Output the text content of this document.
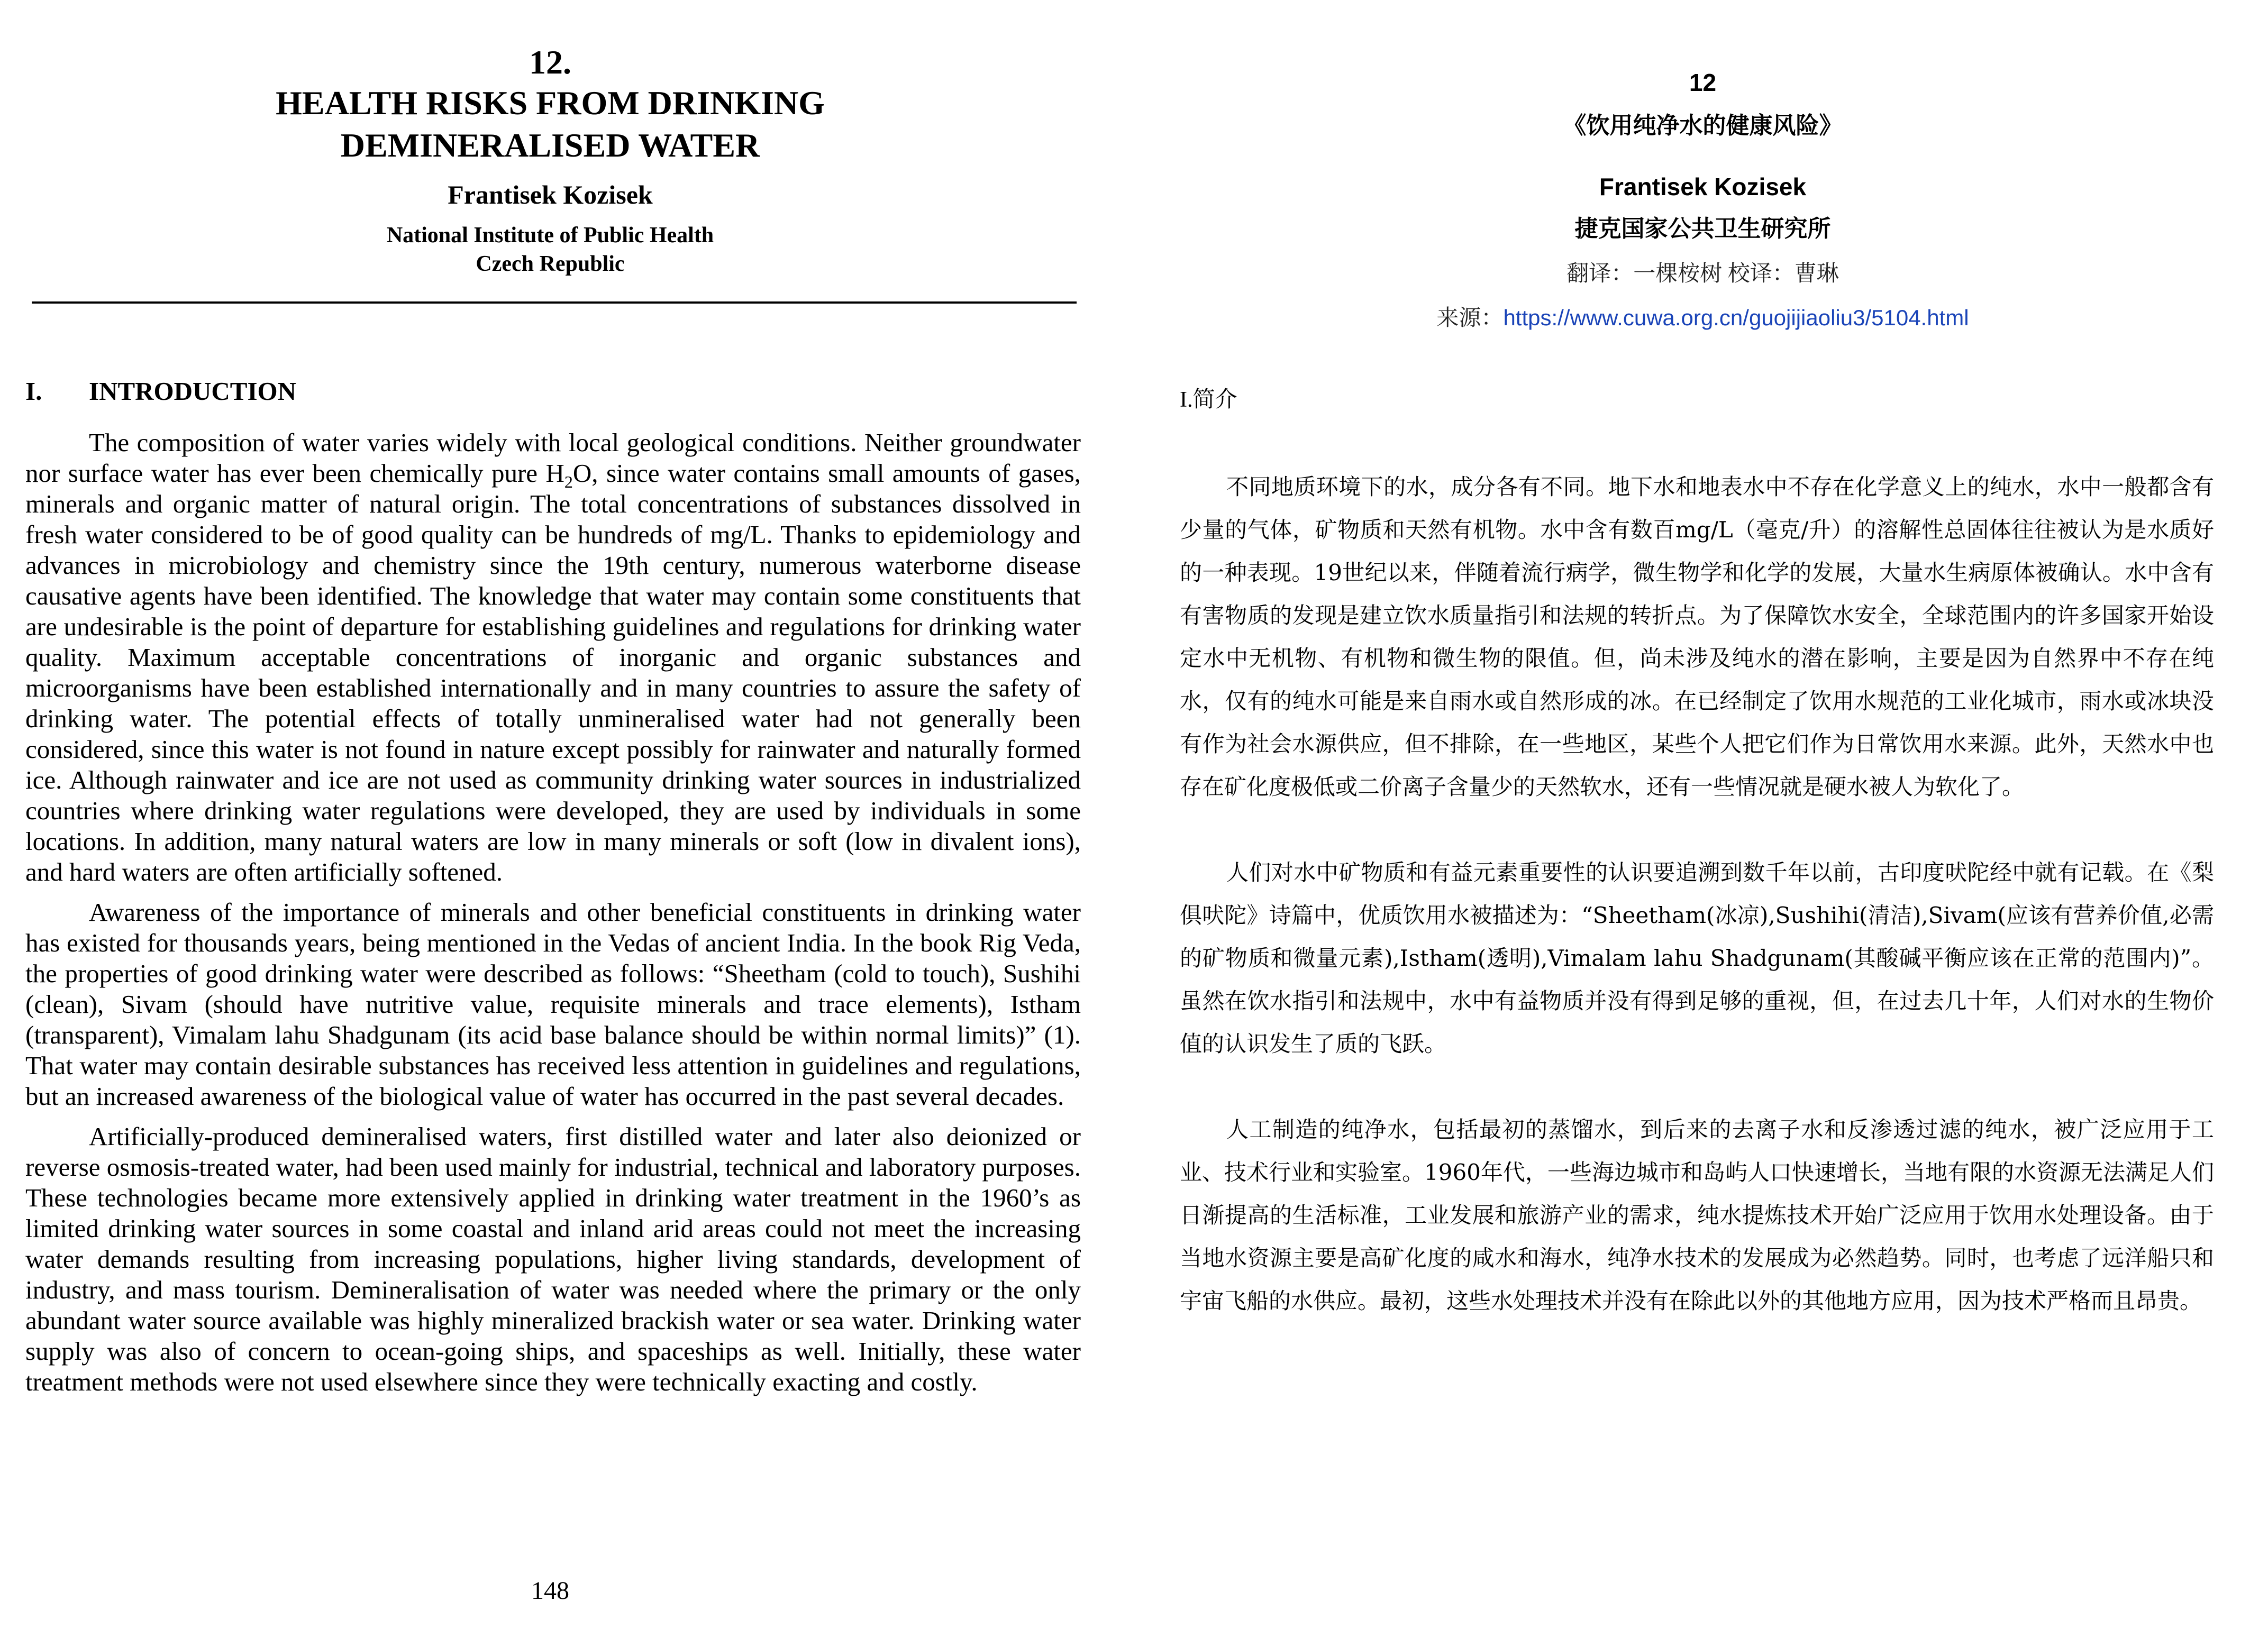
12.
HEALTH RISKS FROM DRINKING
DEMINERALISED WATER
Frantisek Kozisek
National Institute of Public Health
Czech Republic
I. INTRODUCTION

The composition of water varies widely with local geological conditions. Neither groundwater nor surface water has ever been chemically pure $H_2O$, since water contains small amounts of gases, minerals and organic matter of natural origin. The total concentrations of substances dissolved in fresh water considered to be of good quality can be hundreds of mg/L. Thanks to epidemiology and advances in microbiology and chemistry since the 19th century, numerous waterborne disease causative agents have been identified. The knowledge that water may contain some constituents that are undesirable is the point of departure for establishing guidelines and regulations for drinking water quality. Maximum acceptable concentrations of inorganic and organic substances and microorganisms have been established internationally and in many countries to assure the safety of drinking water. The potential effects of totally unmineralised water had not generally been considered, since this water is not found in nature except possibly for rainwater and naturally formed ice. Although rainwater and ice are not used as community drinking water sources in industrialized countries where drinking water regulations were developed, they are used by individuals in some locations. In addition, many natural waters are low in many minerals or soft (low in divalent ions), and hard waters are often artificially softened.

Awareness of the importance of minerals and other beneficial constituents in drinking water has existed for thousands years, being mentioned in the Vedas of ancient India. In the book Rig Veda, the properties of good drinking water were described as follows: “Sheetham (cold to touch), Sushihi (clean), Sivam (should have nutritive value, requisite minerals and trace elements), Istham (transparent), Vimalam lahu Shadgunam (its acid base balance should be within normal limits)” (1). That water may contain desirable substances has received less attention in guidelines and regulations, but an increased awareness of the biological value of water has occurred in the past several decades.

Artificially-produced demineralised waters, first distilled water and later also deionized or reverse osmosis-treated water, had been used mainly for industrial, technical and laboratory purposes. These technologies became more extensively applied in drinking water treatment in the 1960’s as limited drinking water sources in some coastal and inland arid areas could not meet the increasing water demands resulting from increasing populations, higher living standards, development of industry, and mass tourism. Demineralisation of water was needed where the primary or the only abundant water source available was highly mineralized brackish water or sea water. Drinking water supply was also of concern to ocean-going ships, and spaceships as well. Initially, these water treatment methods were not used elsewhere since they were technically exacting and costly.

148
12
《饮用纯净水的健康风险》
Frantisek Kozisek
捷克国家公共卫生研究所
翻译：一棵桉树 校译：曹琳
来源：https://www.cuwa.org.cn/guojijiaoliu3/5104.html
I.简介

不同地质环境下的水，成分各有不同。地下水和地表水中不存在化学意义上的纯水，水中一般都含有少量的气体，矿物质和天然有机物。水中含有数百mg/L（毫克/升）的溶解性总固体往往被认为是水质好的一种表现。19世纪以来，伴随着流行病学，微生物学和化学的发展，大量水生病原体被确认。水中含有有害物质的发现是建立饮水质量指引和法规的转折点。为了保障饮水安全，全球范围内的许多国家开始设定水中无机物、有机物和微生物的限值。但，尚未涉及纯水的潜在影响，主要是因为自然界中不存在纯水，仅有的纯水可能是来自雨水或自然形成的冰。在已经制定了饮用水规范的工业化城市，雨水或冰块没有作为社会水源供应，但不排除，在一些地区，某些个人把它们作为日常饮用水来源。此外，天然水中也存在矿化度极低或二价离子含量少的天然软水，还有一些情况就是硬水被人为软化了。

人们对水中矿物质和有益元素重要性的认识要追溯到数千年以前，古印度吠陀经中就有记载。在《梨俱吠陀》诗篇中，优质饮用水被描述为：“Sheetham(冰凉),Sushihi(清洁),Sivam(应该有营养价值,必需的矿物质和微量元素),Istham(透明),Vimalam lahu Shadgunam(其酸碱平衡应该在正常的范围内)”。虽然在饮水指引和法规中，水中有益物质并没有得到足够的重视，但，在过去几十年，人们对水的生物价值的认识发生了质的飞跃。

人工制造的纯净水，包括最初的蒸馏水，到后来的去离子水和反渗透过滤的纯水，被广泛应用于工业、技术行业和实验室。1960年代，一些海边城市和岛屿人口快速增长，当地有限的水资源无法满足人们日渐提高的生活标准，工业发展和旅游产业的需求，纯水提炼技术开始广泛应用于饮用水处理设备。由于当地水资源主要是高矿化度的咸水和海水，纯净水技术的发展成为必然趋势。同时，也考虑了远洋船只和宇宙飞船的水供应。最初，这些水处理技术并没有在除此以外的其他地方应用，因为技术严格而且昂贵。
